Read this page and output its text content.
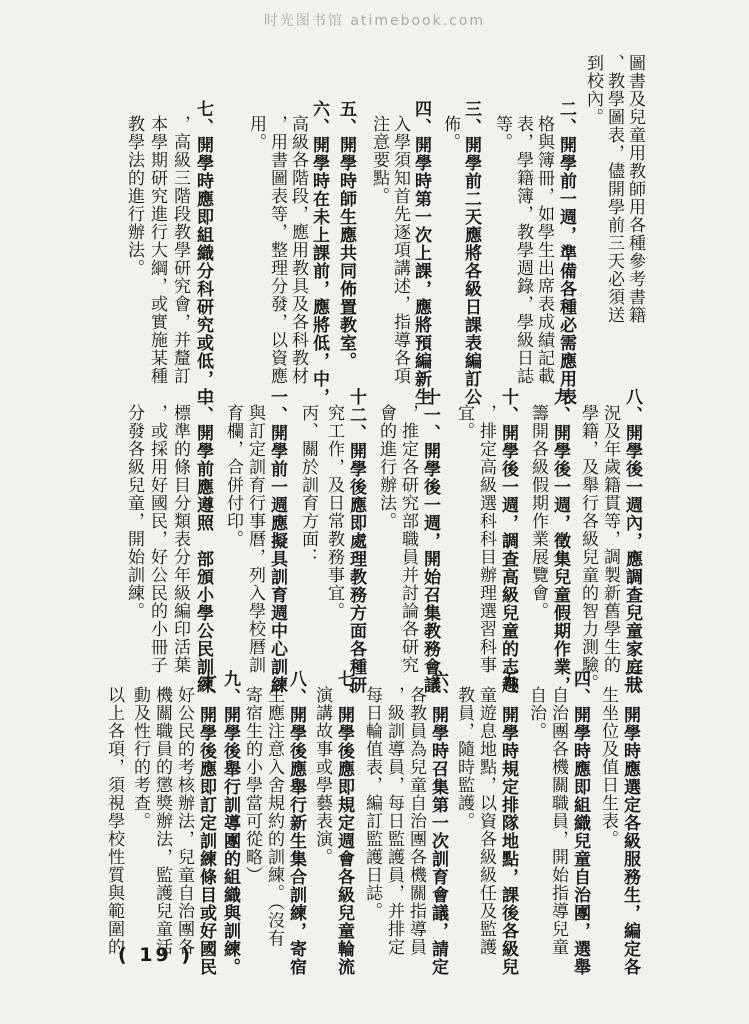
时光图书馆 atimebook.com
圖書及兒童用教師用各種參考書籍
、教學圖表，儘開學前三天必須送
到校內。
二、開學前一週，準備各種必需應用表
格與簿冊，如學生出席表成績記載
表，學籍簿，教學週錄，學級日誌
等。
三、開學前二天應將各級日課表編訂公
佈。
四、開學時第一次上課，應將預編新生
入學須知首先逐項講述，指導各項
注意要點。
五、開學時師生應共同佈置教室。
六、開學時在未上課前，應將低，中，
高級各階段，應用教具及各科教材
，用書圖表等，整理分發，以資應
用。
七、開學時應即組織分科研究或低，中
，高級三階段教學研究會，并釐訂
本學期研究進行大綱，或實施某種
教學法的進行辦法。
八、開學後一週內，應調查兒童家庭狀
況及年歲籍貫等，調製新舊學生的
學籍，及舉行各級兒童的智力測驗。
九、開學後一週，徵集兒童假期作業，
籌開各級假期作業展覽會。
十、開學後一週，調查高級兒童的志趣
，排定高級選科科目辦理選習科事
宜。
十一、開學後一週，開始召集教務會議
，推定各研究部職員并討論各研究
會的進行辦法。
十二、開學後應即處理教務方面各種研
究工作，及日常教務事宜。
丙、關於訓育方面：
一、開學前一週應擬具訓育週中心訓練
與訂定訓育行事曆，列入學校曆訓
育欄，合併付印。
二、開學前應遵照　部頒小學公民訓練
標準的條目分類表分年級編印活葉
，或採用好國民，好公民的小冊子
分發各級兒童，開始訓練。
三、開學時應選定各級服務生，編定各
生坐位及值日生表。
四、開學時應即組織兒童自治團，選舉
自治團各機關職員，開始指導兒童
自治。
五、開學時規定排隊地點，課後各級兒
童遊息地點，以資各級級任及監護
教員，隨時監護。
六、開學時召集第一次訓育會議，請定
各教員為兒童自治團各機關指導員
，級訓導員，每日監護員，并排定
每日輪值表，編訂監護日誌。
七、開學後應即規定週會各級兒童輪流
演講故事或學藝表演。
八、開學後應舉行新生集合訓練，寄宿
生應注意入舍規約的訓練。（沒有
寄宿生的小學當可從略）
九、開學後舉行訓導團的組織與訓練。
十、開學後應即訂定訓練條目或好國民
好公民的考核辦法，兒童自治團各
機關職員的懲獎辦法，監護兒童活
動及性行的考查。
以上各項，須視學校性質與範圍的
( 19 )
